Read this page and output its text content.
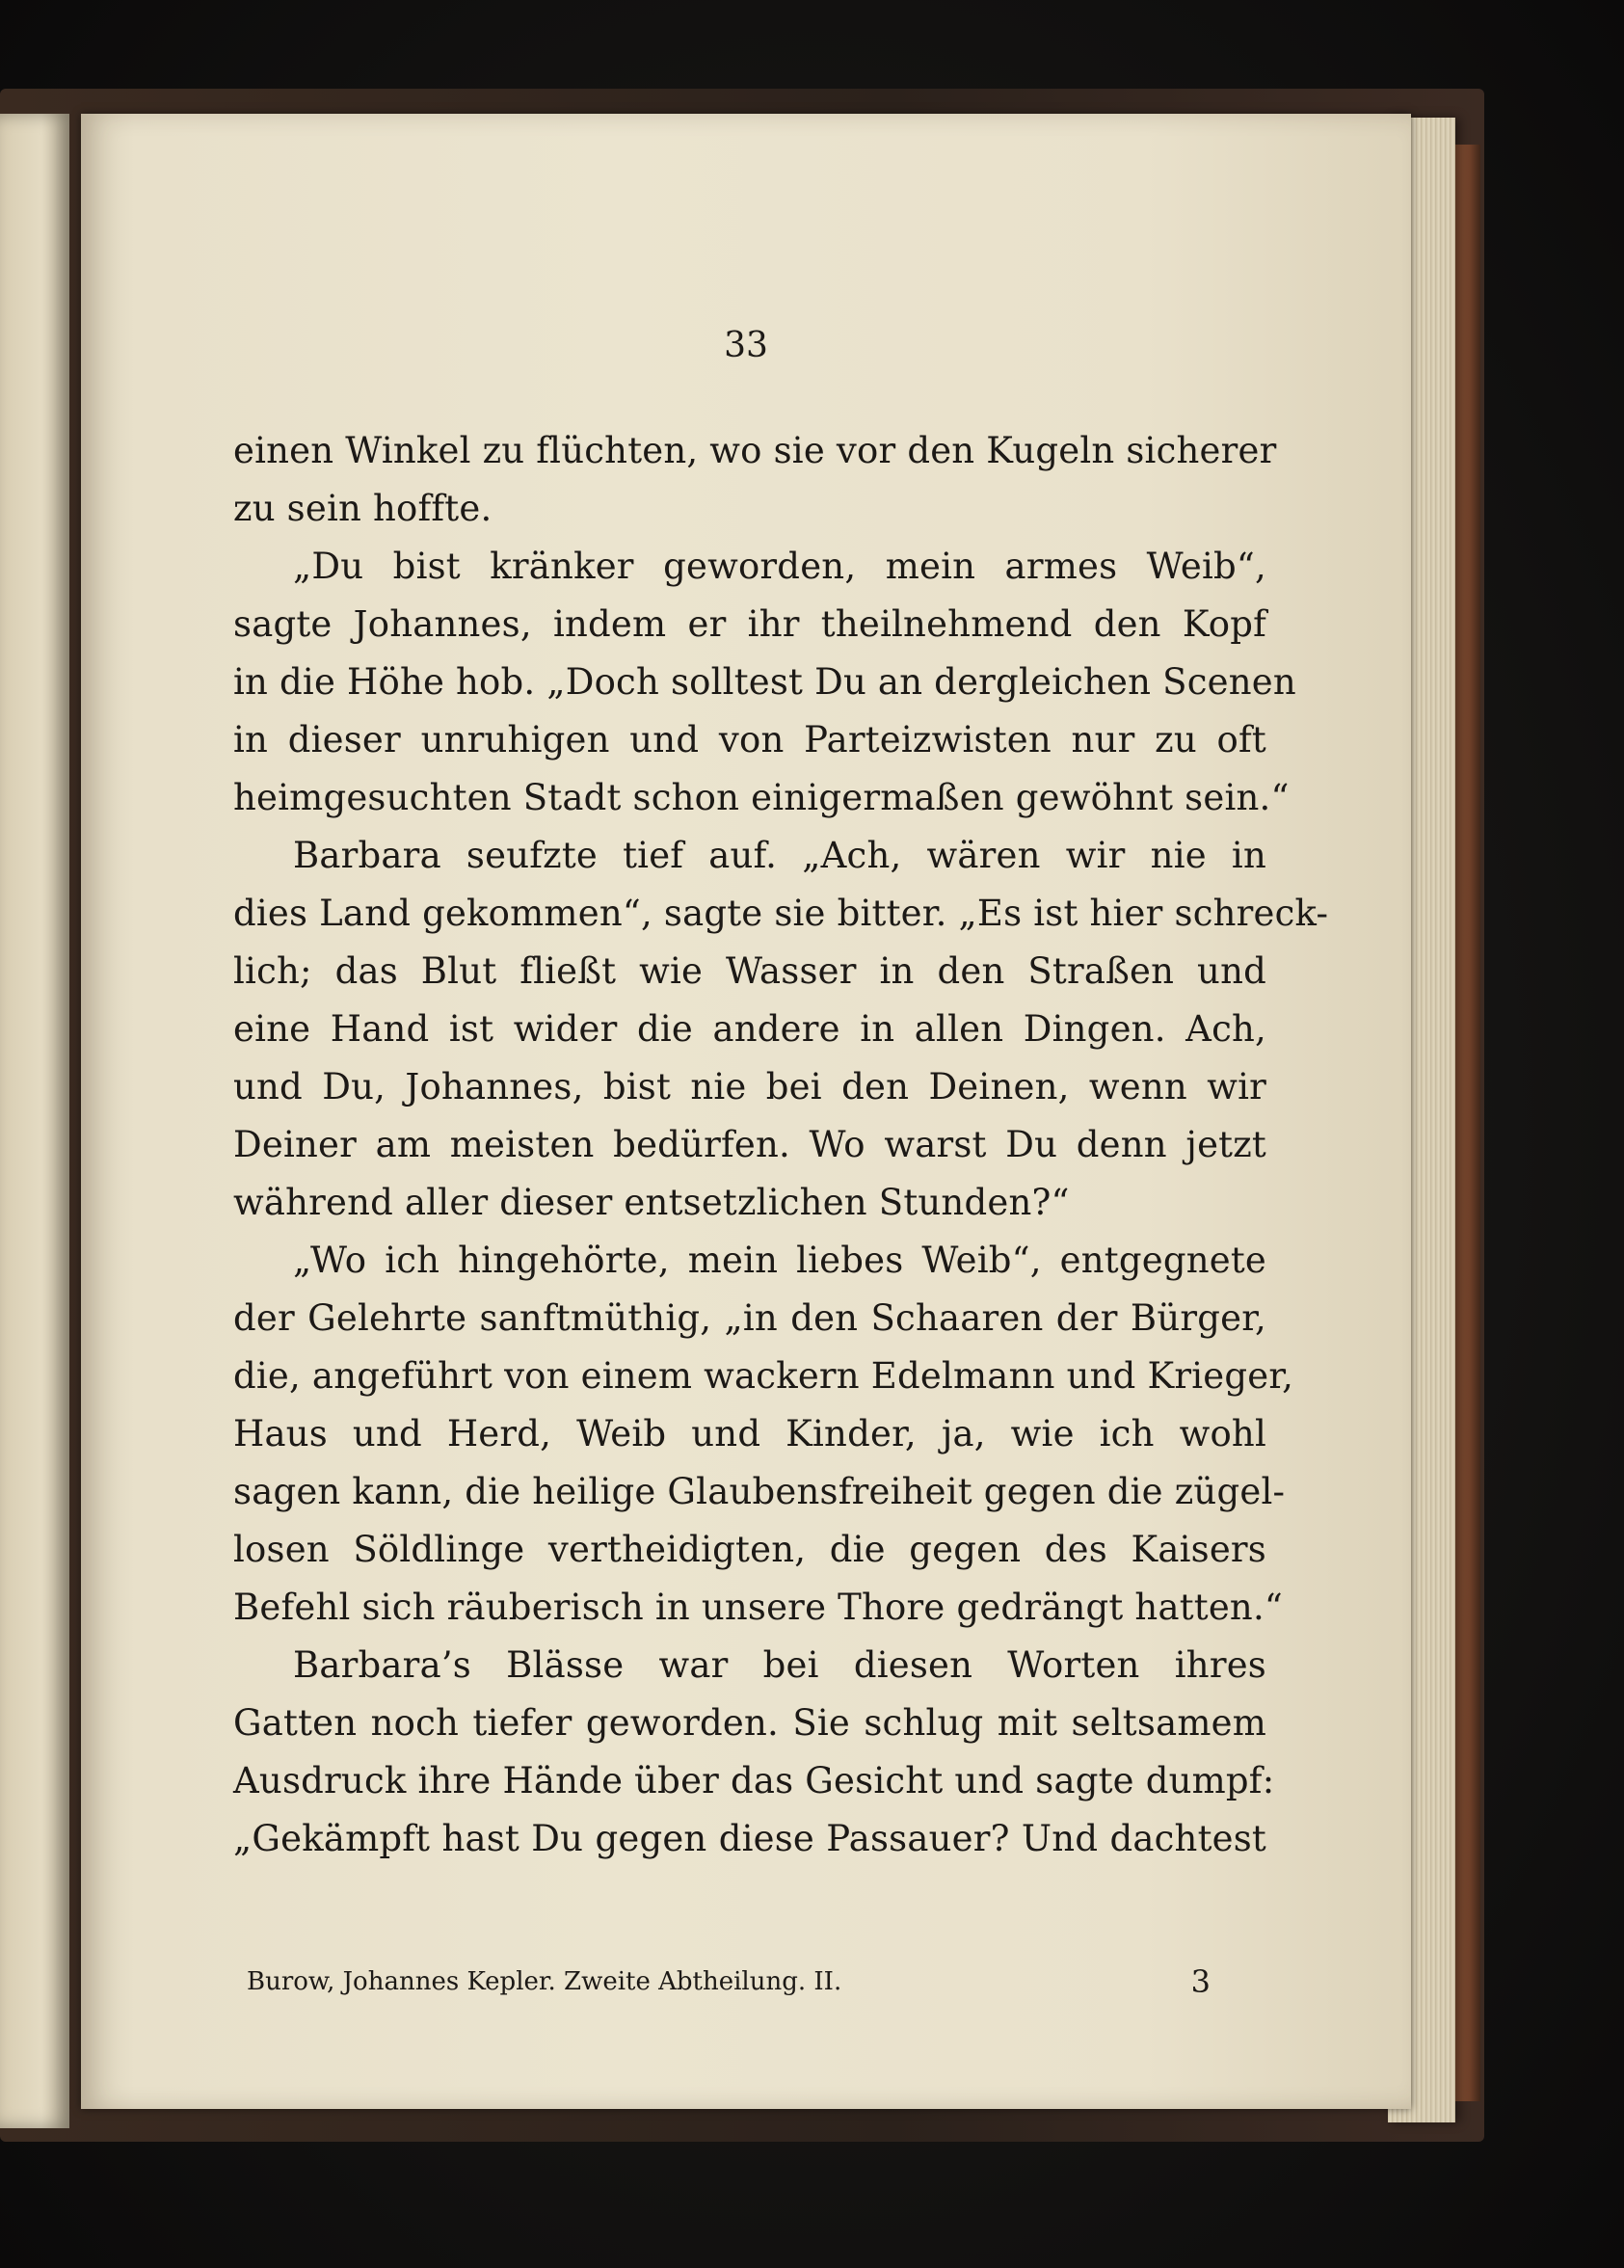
33
einen Winkel zu flüchten, wo sie vor den Kugeln sicherer
zu sein hoffte.
„Du bist kränker geworden, mein armes Weib“,
sagte Johannes, indem er ihr theilnehmend den Kopf
in die Höhe hob. „Doch solltest Du an dergleichen Scenen
in dieser unruhigen und von Parteizwisten nur zu oft
heimgesuchten Stadt schon einigermaßen gewöhnt sein.“
Barbara seufzte tief auf. „Ach, wären wir nie in
dies Land gekommen“, sagte sie bitter. „Es ist hier schreck-
lich; das Blut fließt wie Wasser in den Straßen und
eine Hand ist wider die andere in allen Dingen. Ach,
und Du, Johannes, bist nie bei den Deinen, wenn wir
Deiner am meisten bedürfen. Wo warst Du denn jetzt
während aller dieser entsetzlichen Stunden?“
„Wo ich hingehörte, mein liebes Weib“, entgegnete
der Gelehrte sanftmüthig, „in den Schaaren der Bürger,
die, angeführt von einem wackern Edelmann und Krieger,
Haus und Herd, Weib und Kinder, ja, wie ich wohl
sagen kann, die heilige Glaubensfreiheit gegen die zügel-
losen Söldlinge vertheidigten, die gegen des Kaisers
Befehl sich räuberisch in unsere Thore gedrängt hatten.“
Barbara’s Blässe war bei diesen Worten ihres
Gatten noch tiefer geworden. Sie schlug mit seltsamem
Ausdruck ihre Hände über das Gesicht und sagte dumpf:
„Gekämpft hast Du gegen diese Passauer? Und dachtest
Burow, Johannes Kepler. Zweite Abtheilung. II.	3
